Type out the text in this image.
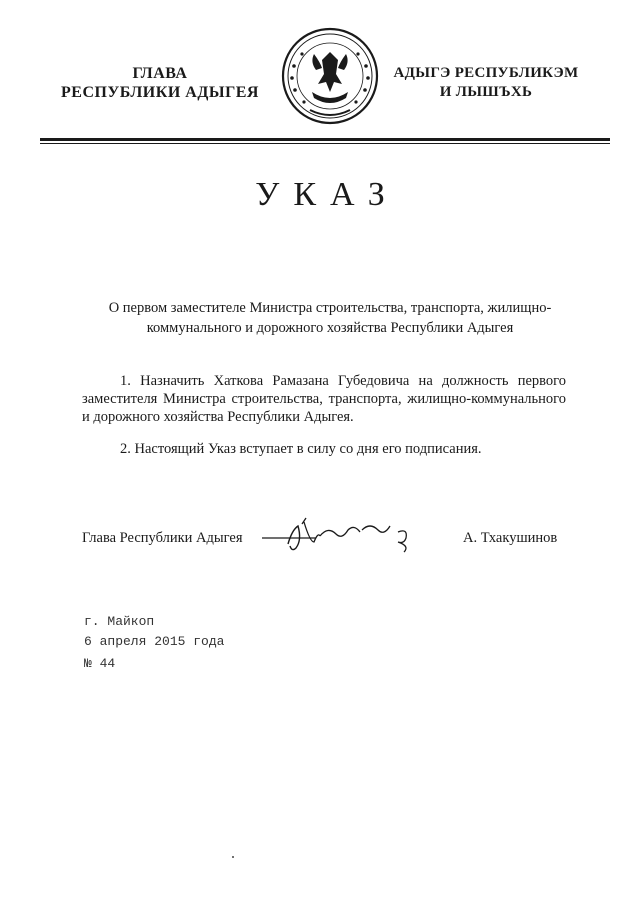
ГЛАВА
РЕСПУБЛИКИ АДЫГЕЯ
АДЫГЭ РЕСПУБЛИКЭМ
И ЛЫШЪХЬ
УКАЗ
О первом заместителе Министра строительства, транспорта, жилищно-
коммунального и дорожного хозяйства Республики Адыгея
1. Назначить Хаткова Рамазана Губедовича на должность первого заместителя Министра строительства, транспорта, жилищно-коммунального и дорожного хозяйства Республики Адыгея.
2. Настоящий Указ вступает в силу со дня его подписания.
Глава Республики Адыгея	А. Тхакушинов
г. Майкоп
6 апреля 2015 года
№ 44
